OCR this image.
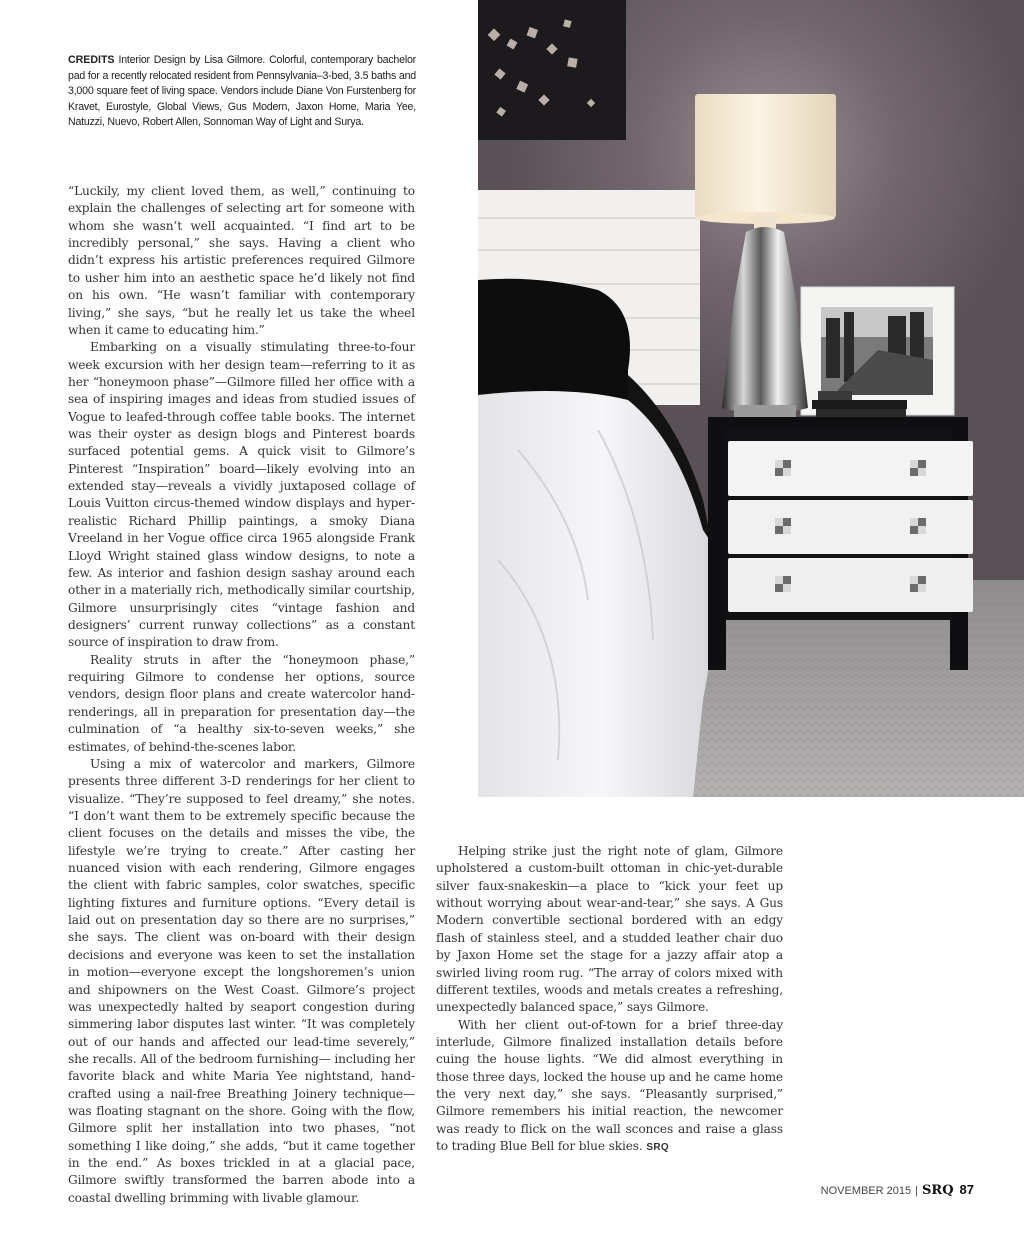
CREDITS Interior Design by Lisa Gilmore. Colorful, contemporary bachelor pad for a recently relocated resident from Pennsylvania–3-bed, 3.5 baths and 3,000 square feet of living space. Vendors include Diane Von Furstenberg for Kravet, Eurostyle, Global Views, Gus Modern, Jaxon Home, Maria Yee, Natuzzi, Nuevo, Robert Allen, Sonnoman Way of Light and Surya.

“Luckily, my client loved them, as well,” continuing to explain the challenges of selecting art for someone with whom she wasn’t well acquainted. “I find art to be incredibly personal,” she says. Having a client who didn’t express his artistic preferences required Gilmore to usher him into an aesthetic space he’d likely not find on his own. “He wasn’t familiar with contemporary living,” she says, “but he really let us take the wheel when it came to educating him.”

Embarking on a visually stimulating three-to-four week excursion with her design team—referring to it as her “honeymoon phase”—Gilmore filled her office with a sea of inspiring images and ideas from studied issues of Vogue to leafed-through coffee table books. The internet was their oyster as design blogs and Pinterest boards surfaced potential gems. A quick visit to Gilmore’s Pinterest “Inspiration” board—likely evolving into an extended stay—reveals a vividly juxtaposed collage of Louis Vuitton circus-themed window displays and hyper-realistic Richard Phillip paintings, a smoky Diana Vreeland in her Vogue office circa 1965 alongside Frank Lloyd Wright stained glass window designs, to note a few. As interior and fashion design sashay around each other in a materially rich, methodically similar courtship, Gilmore unsurprisingly cites “vintage fashion and designers’ current runway collections” as a constant source of inspiration to draw from.

Reality struts in after the “honeymoon phase,” requiring Gilmore to condense her options, source vendors, design floor plans and create watercolor hand-renderings, all in preparation for presentation day—the culmination of “a healthy six-to-seven weeks,” she estimates, of behind-the-scenes labor.

Using a mix of watercolor and markers, Gilmore presents three different 3-D renderings for her client to visualize. “They’re supposed to feel dreamy,” she notes. “I don’t want them to be extremely specific because the client focuses on the details and misses the vibe, the lifestyle we’re trying to create.” After casting her nuanced vision with each rendering, Gilmore engages the client with fabric samples, color swatches, specific lighting fixtures and furniture options. “Every detail is laid out on presentation day so there are no surprises,” she says. The client was on-board with their design decisions and everyone was keen to set the installation in motion—everyone except the longshoremen’s union and shipowners on the West Coast. Gilmore’s project was unexpectedly halted by seaport congestion during simmering labor disputes last winter. “It was completely out of our hands and affected our lead-time severely,” she recalls. All of the bedroom furnishing— including her favorite black and white Maria Yee nightstand, hand-crafted using a nail-free Breathing Joinery technique—was floating stagnant on the shore. Going with the flow, Gilmore split her installation into two phases, “not something I like doing,” she adds, “but it came together in the end.” As boxes trickled in at a glacial pace, Gilmore swiftly transformed the barren abode into a coastal dwelling brimming with livable glamour.

Helping strike just the right note of glam, Gilmore upholstered a custom-built ottoman in chic-yet-durable silver faux-snakeskin—a place to “kick your feet up without worrying about wear-and-tear,” she says. A Gus Modern convertible sectional bordered with an edgy flash of stainless steel, and a studded leather chair duo by Jaxon Home set the stage for a jazzy affair atop a swirled living room rug. “The array of colors mixed with different textiles, woods and metals creates a refreshing, unexpectedly balanced space,” says Gilmore.

With her client out-of-town for a brief three-day interlude, Gilmore finalized installation details before cuing the house lights. “We did almost everything in those three days, locked the house up and he came home the very next day,” she says. “Pleasantly surprised,” Gilmore remembers his initial reaction, the newcomer was ready to flick on the wall sconces and raise a glass to trading Blue Bell for blue skies. SRQ

NOVEMBER 2015 | SRQ 87
